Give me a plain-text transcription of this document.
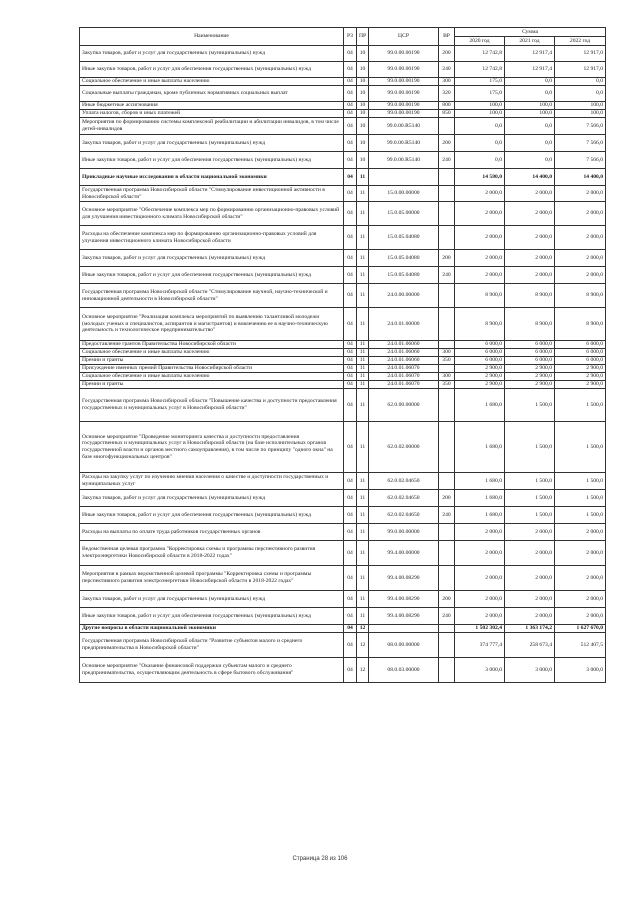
Наименование	РЗ	ПР	ЦСР	ВР	Сумма		
					2020 год	2021 год	2022 год
Закупка товаров, работ и услуг для государственных (муниципальных) нужд	04	10	99.0.00.00190	200	12 742,8	12 917,4	12 917,0
Иные закупки товаров, работ и услуг для обеспечения государственных (муниципальных) нужд	04	10	99.0.00.00190	240	12 742,8	12 917,4	12 917,0
Социальное обеспечение и иные выплаты населению	04	10	99.0.00.00190	300	175,0	0,0	0,0
Социальные выплаты гражданам, кроме публичных нормативных социальных выплат	04	10	99.0.00.00190	320	175,0	0,0	0,0
Иные бюджетные ассигнования	04	10	99.0.00.00190	800	100,0	100,0	100,0
Уплата налогов, сборов и иных платежей	04	10	99.0.00.00190	850	100,0	100,0	100,0
Мероприятия по формированию системы комплексной реабилитации и абилитации инвалидов, в том числе детей-инвалидов	04	10	99.0.00.R5140		0,0	0,0	7 566,0
Закупка товаров, работ и услуг для государственных (муниципальных) нужд	04	10	99.0.00.R5140	200	0,0	0,0	7 566,0
Иные закупки товаров, работ и услуг для обеспечения государственных (муниципальных) нужд	04	10	99.0.00.R5140	240	0,0	0,0	7 566,0
Прикладные научные исследования в области национальной экономики	04	11			14 580,0	14 400,0	14 400,0
Государственная программа Новосибирской области "Стимулирование инвестиционной активности в Новосибирской области"	04	11	15.0.00.00000		2 000,0	2 000,0	2 000,0
Основное мероприятие "Обеспечение комплекса мер по формированию организационно-правовых условий для улучшения инвестиционного климата Новосибирской области"	04	11	15.0.05.00000		2 000,0	2 000,0	2 000,0
Расходы на обеспечение комплекса мер по формированию организационно-правовых условий для улучшения инвестиционного климата Новосибирской области	04	11	15.0.05.04080		2 000,0	2 000,0	2 000,0
Закупка товаров, работ и услуг для государственных (муниципальных) нужд	04	11	15.0.05.04080	200	2 000,0	2 000,0	2 000,0
Иные закупки товаров, работ и услуг для обеспечения государственных (муниципальных) нужд	04	11	15.0.05.04080	240	2 000,0	2 000,0	2 000,0
Государственная программа Новосибирской области "Стимулирование научной, научно-технической и инновационной деятельности в Новосибирской области"	04	11	24.0.00.00000		8 900,0	8 900,0	8 900,0
Основное мероприятие "Реализация комплекса мероприятий по выявлению талантливой молодежи (молодых ученых и специалистов, аспирантов и магистрантов) и вовлечению ее в научно-техническую деятельность и технологическое предпринимательство"	04	11	24.0.01.00000		8 900,0	8 900,0	8 900,0
Предоставление грантов Правительства Новосибирской области	04	11	24.0.01.06060		6 000,0	6 000,0	6 000,0
Социальное обеспечение и иные выплаты населению	04	11	24.0.01.06060	300	6 000,0	6 000,0	6 000,0
Премии и гранты	04	11	24.0.01.06060	350	6 000,0	6 000,0	6 000,0
Присуждение именных премий Правительства Новосибирской области	04	11	24.0.01.06070		2 900,0	2 900,0	2 900,0
Социальное обеспечение и иные выплаты населению	04	11	24.0.01.06070	300	2 900,0	2 900,0	2 900,0
Премии и гранты	04	11	24.0.01.06070	350	2 900,0	2 900,0	2 900,0
Государственная программа Новосибирской области "Повышение качества и доступности предоставления государственных и муниципальных услуг в Новосибирской области"	04	11	62.0.00.00000		1 680,0	1 500,0	1 500,0
Основное мероприятие "Проведение мониторинга качества и доступности предоставления государственных и муниципальных услуг в Новосибирской области (на базе исполнительных органов государственной власти и органов местного самоуправления), в том числе по принципу "одного окна" на базе многофункциональных центров"	04	11	62.0.02.00000		1 680,0	1 500,0	1 500,0
Расходы на закупку услуг по изучению мнения населения о качестве и доступности государственных и муниципальных услуг	04	11	62.0.02.04650		1 680,0	1 500,0	1 500,0
Закупка товаров, работ и услуг для государственных (муниципальных) нужд	04	11	62.0.02.04650	200	1 680,0	1 500,0	1 500,0
Иные закупки товаров, работ и услуг для обеспечения государственных (муниципальных) нужд	04	11	62.0.02.04650	240	1 680,0	1 500,0	1 500,0
Расходы на выплаты по оплате труда работников государственных органов	04	11	99.0.00.00000		2 000,0	2 000,0	2 000,0
Ведомственная целевая программа "Корректировка схемы и программы перспективного развития электроэнергетики Новосибирской области в 2018-2022 годах"	04	11	99.4.00.00000		2 000,0	2 000,0	2 000,0
Мероприятия в рамках ведомственной целевой программы "Корректировка схемы и программы перспективного развития электроэнергетики Новосибирской области в 2018-2022 годах"	04	11	99.4.00.08290		2 000,0	2 000,0	2 000,0
Закупка товаров, работ и услуг для государственных (муниципальных) нужд	04	11	99.4.00.08290	200	2 000,0	2 000,0	2 000,0
Иные закупки товаров, работ и услуг для обеспечения государственных (муниципальных) нужд	04	11	99.4.00.08290	240	2 000,0	2 000,0	2 000,0
Другие вопросы в области национальной экономики	04	12			1 502 302,4	1 363 174,2	1 627 670,0
Государственная программа Новосибирской области "Развитие субъектов малого и среднего предпринимательства в Новосибирской области"	04	12	08.0.00.00000		374 777,4	258 673,4	512 407,5
Основное мероприятие "Оказание финансовой поддержки субъектам малого и среднего предпринимательства, осуществляющим деятельность в сфере бытового обслуживания"	04	12	08.0.03.00000		3 000,0	3 000,0	3 000,0
Страница 28 из 106
